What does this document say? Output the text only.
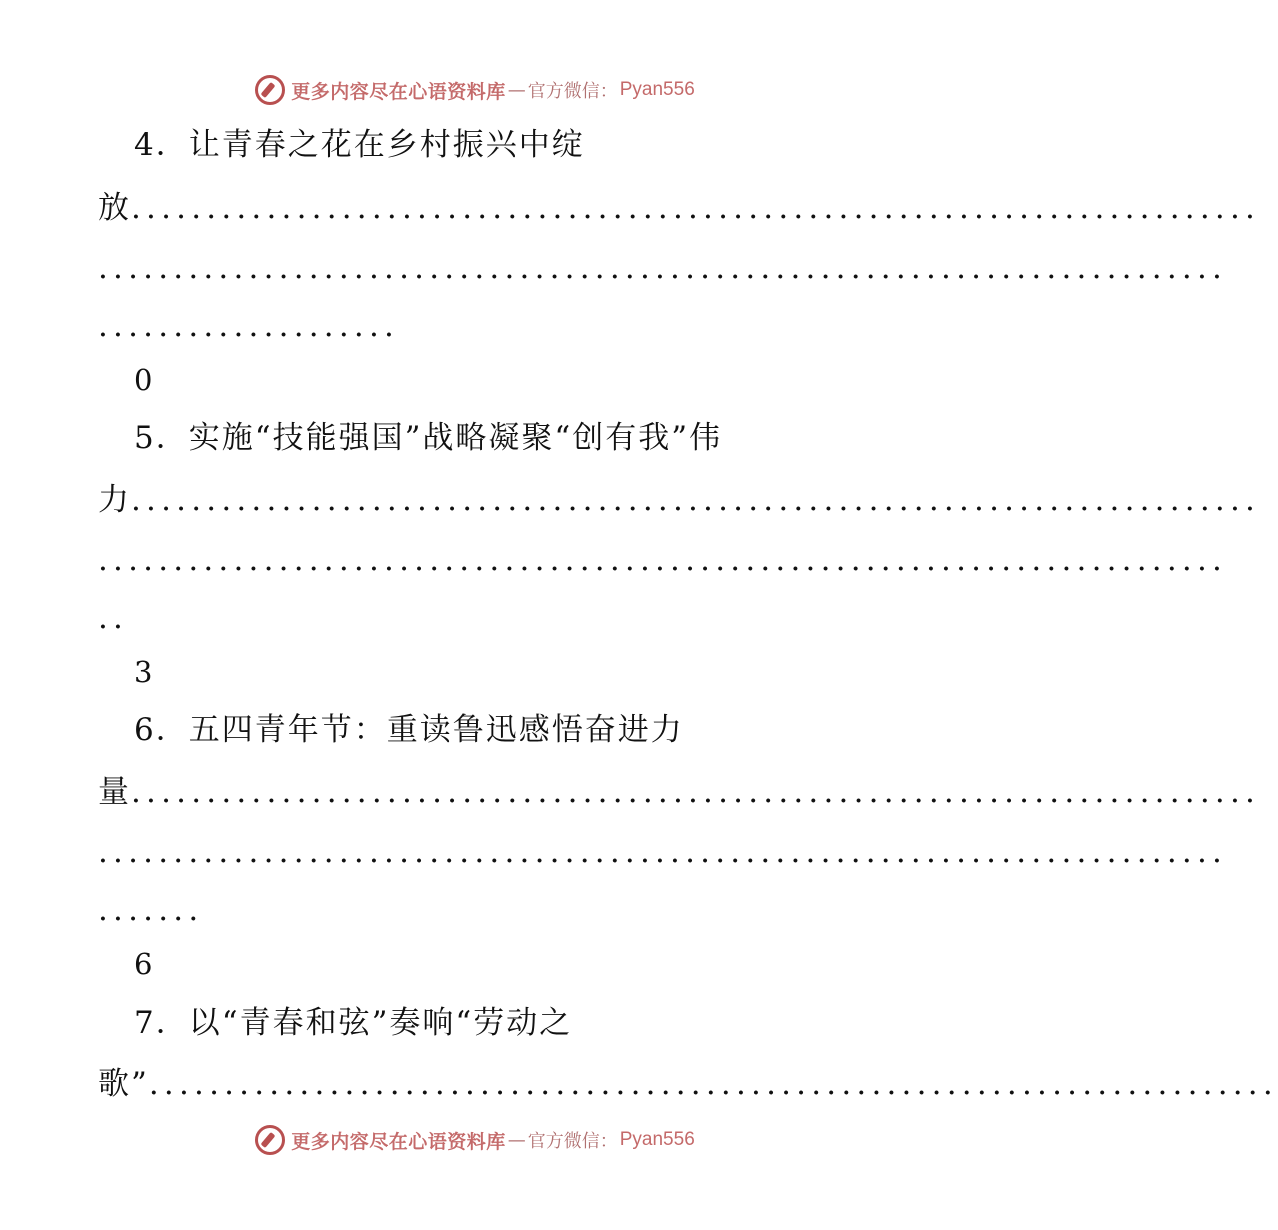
更多内容尽在心语资料库 — 官方微信： Pyan556
4．让青春之花在乡村振兴中绽
放...........................................................................
...........................................................................
....................
0
5．实施“技能强国”战略凝聚“创有我”伟
力...........................................................................
...........................................................................
..
3
6．五四青年节：重读鲁迅感悟奋进力
量...........................................................................
...........................................................................
.......
6
7．以“青春和弦”奏响“劳动之
歌”...........................................................................
更多内容尽在心语资料库 — 官方微信： Pyan556
